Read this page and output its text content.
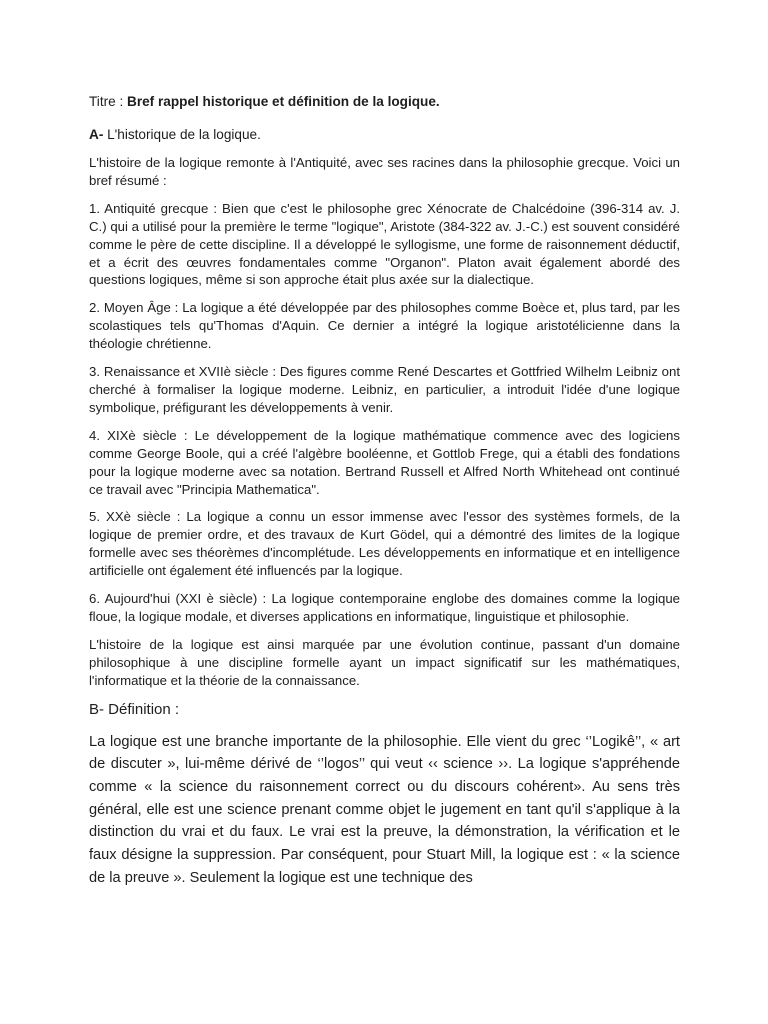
Titre : Bref rappel historique et définition de la logique.
A- L'historique de la logique.

L'histoire de la logique remonte à l'Antiquité, avec ses racines dans la philosophie grecque. Voici un bref résumé :

1. Antiquité grecque : Bien que c'est le philosophe grec Xénocrate de Chalcédoine (396-314 av. J. C.) qui a utilisé pour la première le terme "logique", Aristote (384-322 av. J.-C.) est souvent considéré comme le père de cette discipline. Il a développé le syllogisme, une forme de raisonnement déductif, et a écrit des œuvres fondamentales comme "Organon". Platon avait également abordé des questions logiques, même si son approche était plus axée sur la dialectique.

2. Moyen Âge : La logique a été développée par des philosophes comme Boèce et, plus tard, par les scolastiques tels qu'Thomas d'Aquin. Ce dernier a intégré la logique aristotélicienne dans la théologie chrétienne.

3. Renaissance et XVIIè siècle : Des figures comme René Descartes et Gottfried Wilhelm Leibniz ont cherché à formaliser la logique moderne. Leibniz, en particulier, a introduit l'idée d'une logique symbolique, préfigurant les développements à venir.

4. XIXè siècle : Le développement de la logique mathématique commence avec des logiciens comme George Boole, qui a créé l'algèbre booléenne, et Gottlob Frege, qui a établi des fondations pour la logique moderne avec sa notation. Bertrand Russell et Alfred North Whitehead ont continué ce travail avec "Principia Mathematica".

5. XXè siècle : La logique a connu un essor immense avec l'essor des systèmes formels, de la logique de premier ordre, et des travaux de Kurt Gödel, qui a démontré des limites de la logique formelle avec ses théorèmes d'incomplétude. Les développements en informatique et en intelligence artificielle ont également été influencés par la logique.

6. Aujourd'hui (XXI è siècle) : La logique contemporaine englobe des domaines comme la logique floue, la logique modale, et diverses applications en informatique, linguistique et philosophie.

L'histoire de la logique est ainsi marquée par une évolution continue, passant d'un domaine philosophique à une discipline formelle ayant un impact significatif sur les mathématiques, l'informatique et la théorie de la connaissance.

B- Définition :

La logique est une branche importante de la philosophie. Elle vient du grec ‘’Logikê’’, « art de discuter », lui-même dérivé de ‘’logos’’ qui veut ‹‹ science ››. La logique s'appréhende comme « la science du raisonnement correct ou du discours cohérent». Au sens très général, elle est une science prenant comme objet le jugement en tant qu'il s'applique à la distinction du vrai et du faux. Le vrai est la preuve, la démonstration, la vérification et le faux désigne la suppression. Par conséquent, pour Stuart Mill, la logique est : « la science de la preuve ». Seulement la logique est une technique des
